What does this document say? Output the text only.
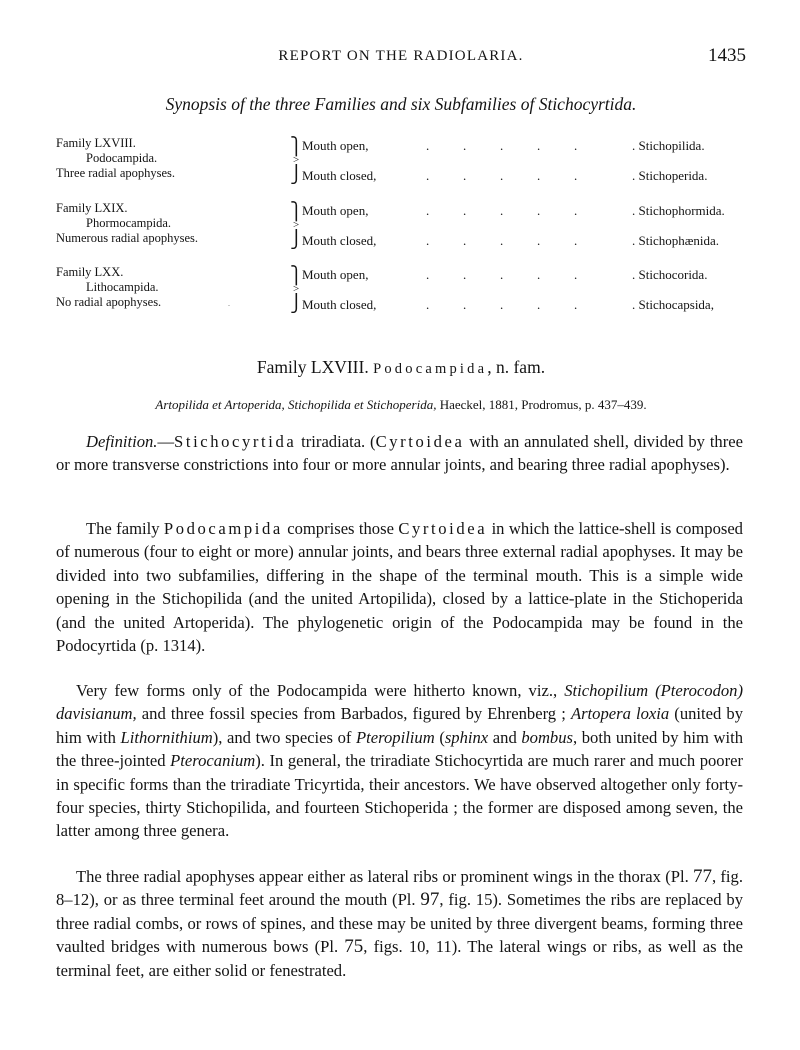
REPORT ON THE RADIOLARIA.	1435
Synopsis of the three Families and six Subfamilies of Stichocyrtida.
Family LXVIII.
Podocampida.
Three radial apophyses.
⎫
>
⎭
Mouth open,	.	.	.	.	.	. Stichopilida.
Mouth closed,	.	.	.	.	.	. Stichoperida.
Family LXIX.
Phormocampida.
Numerous radial apophyses.
⎫
>
⎭
Mouth open,	.	.	.	.	.	. Stichophormida.
Mouth closed,	.	.	.	.	.	. Stichophænida.
Family LXX.
Lithocampida.
No radial apophyses.	.
⎫
>
⎭
Mouth open,	.	.	.	.	.	. Stichocorida.
Mouth closed,	.	.	.	.	.	. Stichocapsida,
Family LXVIII. Podocampida, n. fam.
Artopilida et Artoperida, Stichopilida et Stichoperida, Haeckel, 1881, Prodromus, p. 437–439.
Definition.—Stichocyrtida triradiata. (Cyrtoidea with an annulated shell, divided by three or more transverse constrictions into four or more annular joints, and bearing three radial apophyses).
The family Podocampida comprises those Cyrtoidea in which the lattice-shell is composed of numerous (four to eight or more) annular joints, and bears three external radial apophyses. It may be divided into two subfamilies, differing in the shape of the terminal mouth. This is a simple wide opening in the Stichopilida (and the united Artopilida), closed by a lattice-plate in the Stichoperida (and the united Artoperida). The phylogenetic origin of the Podocampida may be found in the Podocyrtida (p. 1314).
Very few forms only of the Podocampida were hitherto known, viz., Stichopilium (Pterocodon) davisianum, and three fossil species from Barbados, figured by Ehrenberg ; Artopera loxia (united by him with Lithornithium), and two species of Pteropilium (sphinx and bombus, both united by him with the three-jointed Pterocanium). In general, the triradiate Stichocyrtida are much rarer and much poorer in specific forms than the triradiate Tricyrtida, their ancestors. We have observed altogether only forty-four species, thirty Stichopilida, and fourteen Stichoperida ; the former are disposed among seven, the latter among three genera.
The three radial apophyses appear either as lateral ribs or prominent wings in the thorax (Pl. 77, fig. 8–12), or as three terminal feet around the mouth (Pl. 97, fig. 15). Sometimes the ribs are replaced by three radial combs, or rows of spines, and these may be united by three divergent beams, forming three vaulted bridges with numerous bows (Pl. 75, figs. 10, 11). The lateral wings or ribs, as well as the terminal feet, are either solid or fenestrated.
